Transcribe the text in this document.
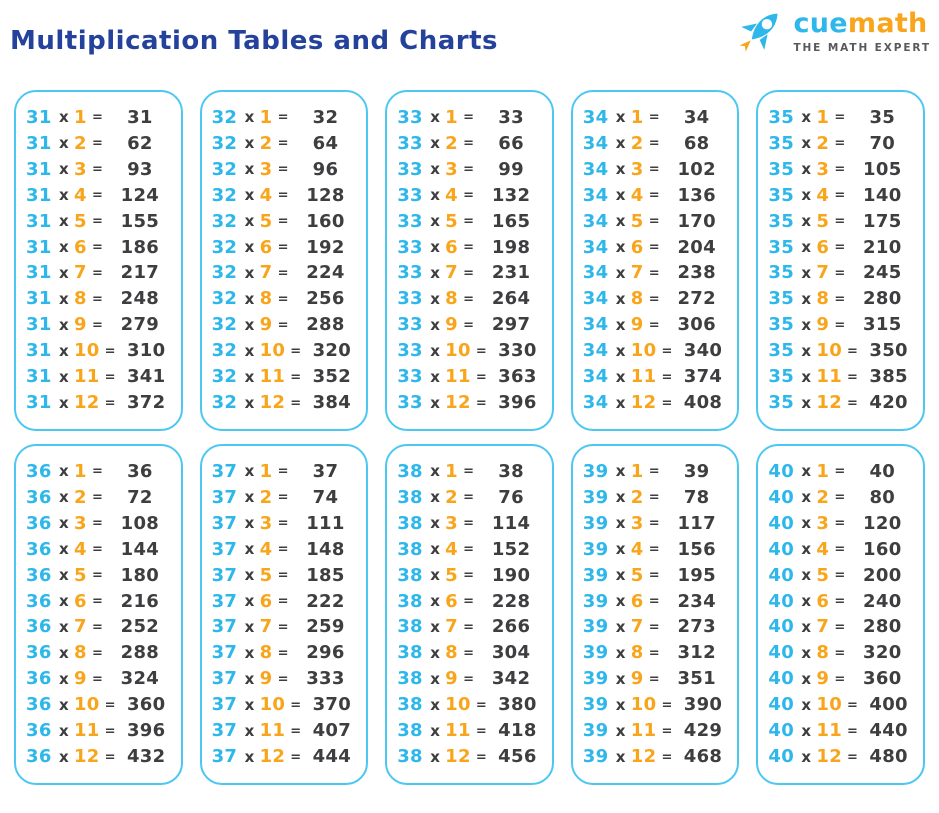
Multiplication Tables and Charts
cuemath
THE MATH EXPERT
31 x 1 =	31
31 x 2 =	62
31 x 3 =	93
31 x 4 = 124
31 x 5 = 155
31 x 6 = 186
31 x 7 = 217
31 x 8 = 248
31 x 9 = 279
31 x 10 = 310
31 x 11 = 341
31 x 12 = 372
32 x 1 =	32
32 x 2 =	64
32 x 3 =	96
32 x 4 = 128
32 x 5 = 160
32 x 6 = 192
32 x 7 = 224
32 x 8 = 256
32 x 9 = 288
32 x 10 = 320
32 x 11 = 352
32 x 12 = 384
33 x 1 =	33
33 x 2 =	66
33 x 3 =	99
33 x 4 = 132
33 x 5 = 165
33 x 6 = 198
33 x 7 = 231
33 x 8 = 264
33 x 9 = 297
33 x 10 = 330
33 x 11 = 363
33 x 12 = 396
34 x 1 =	34
34 x 2 =	68
34 x 3 = 102
34 x 4 = 136
34 x 5 = 170
34 x 6 = 204
34 x 7 = 238
34 x 8 = 272
34 x 9 = 306
34 x 10 = 340
34 x 11 = 374
34 x 12 = 408
35 x 1 =	35
35 x 2 =	70
35 x 3 = 105
35 x 4 = 140
35 x 5 = 175
35 x 6 = 210
35 x 7 = 245
35 x 8 = 280
35 x 9 = 315
35 x 10 = 350
35 x 11 = 385
35 x 12 = 420
36 x 1 =	36
36 x 2 =	72
36 x 3 = 108
36 x 4 = 144
36 x 5 = 180
36 x 6 = 216
36 x 7 = 252
36 x 8 = 288
36 x 9 = 324
36 x 10 = 360
36 x 11 = 396
36 x 12 = 432
37 x 1 =	37
37 x 2 =	74
37 x 3 = 111
37 x 4 = 148
37 x 5 = 185
37 x 6 = 222
37 x 7 = 259
37 x 8 = 296
37 x 9 = 333
37 x 10 = 370
37 x 11 = 407
37 x 12 = 444
38 x 1 =	38
38 x 2 =	76
38 x 3 = 114
38 x 4 = 152
38 x 5 = 190
38 x 6 = 228
38 x 7 = 266
38 x 8 = 304
38 x 9 = 342
38 x 10 = 380
38 x 11 = 418
38 x 12 = 456
39 x 1 =	39
39 x 2 =	78
39 x 3 = 117
39 x 4 = 156
39 x 5 = 195
39 x 6 = 234
39 x 7 = 273
39 x 8 = 312
39 x 9 = 351
39 x 10 = 390
39 x 11 = 429
39 x 12 = 468
40 x 1 =	40
40 x 2 =	80
40 x 3 = 120
40 x 4 = 160
40 x 5 = 200
40 x 6 = 240
40 x 7 = 280
40 x 8 = 320
40 x 9 = 360
40 x 10 = 400
40 x 11 = 440
40 x 12 = 480
